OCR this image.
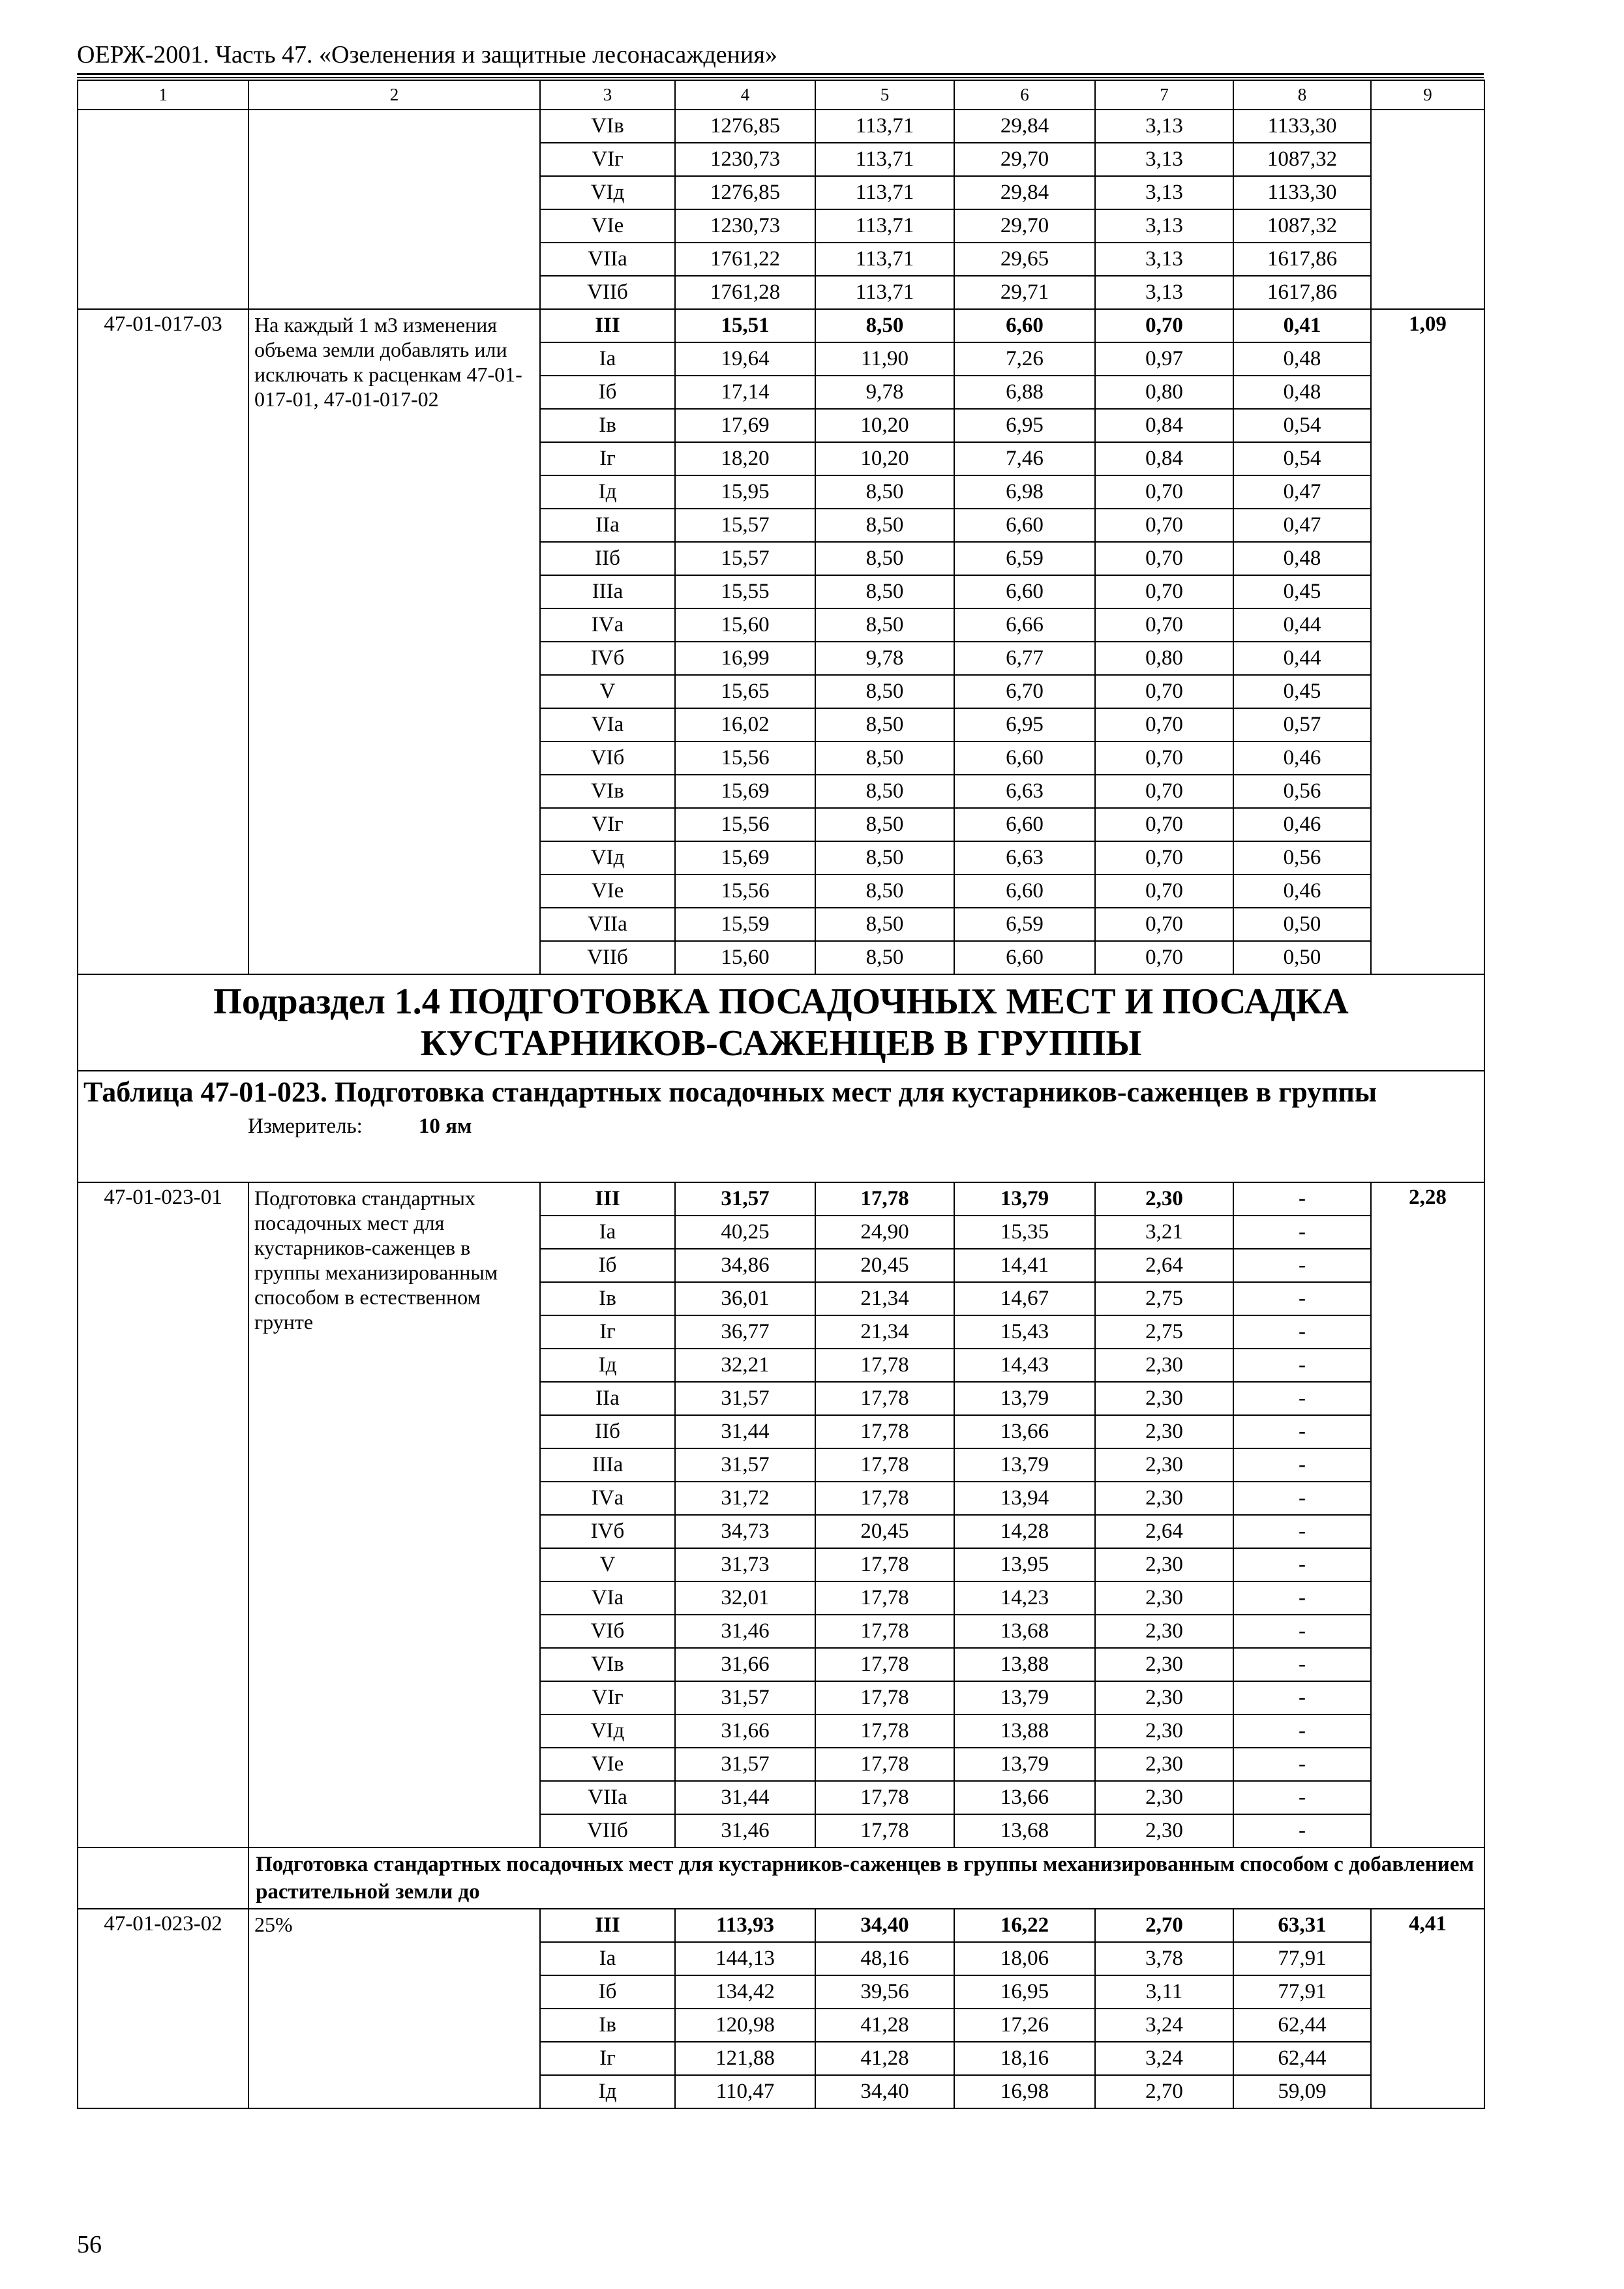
ОЕРЖ-2001. Часть 47. «Озеленения и защитные лесонасаждения»
1	2	3	4	5	6	7	8	9
		VIв	1276,85	113,71	29,84	3,13	1133,30	
		VIг	1230,73	113,71	29,70	3,13	1087,32	
		VIд	1276,85	113,71	29,84	3,13	1133,30	
		VIе	1230,73	113,71	29,70	3,13	1087,32	
		VIIа	1761,22	113,71	29,65	3,13	1617,86	
		VIIб	1761,28	113,71	29,71	3,13	1617,86	
47-01-017-03	На каждый 1 м3 изменения объема земли добавлять или исключать к расценкам 47-01-017-01, 47-01-017-02	III	15,51	8,50	6,60	0,70	0,41	1,09
		Iа	19,64	11,90	7,26	0,97	0,48	
		Iб	17,14	9,78	6,88	0,80	0,48	
		Iв	17,69	10,20	6,95	0,84	0,54	
		Iг	18,20	10,20	7,46	0,84	0,54	
		Iд	15,95	8,50	6,98	0,70	0,47	
		IIа	15,57	8,50	6,60	0,70	0,47	
		IIб	15,57	8,50	6,59	0,70	0,48	
		IIIа	15,55	8,50	6,60	0,70	0,45	
		IVа	15,60	8,50	6,66	0,70	0,44	
		IVб	16,99	9,78	6,77	0,80	0,44	
		V	15,65	8,50	6,70	0,70	0,45	
		VIа	16,02	8,50	6,95	0,70	0,57	
		VIб	15,56	8,50	6,60	0,70	0,46	
		VIв	15,69	8,50	6,63	0,70	0,56	
		VIг	15,56	8,50	6,60	0,70	0,46	
		VIд	15,69	8,50	6,63	0,70	0,56	
		VIе	15,56	8,50	6,60	0,70	0,46	
		VIIа	15,59	8,50	6,59	0,70	0,50	
		VIIб	15,60	8,50	6,60	0,70	0,50	
Подраздел 1.4 ПОДГОТОВКА ПОСАДОЧНЫХ МЕСТ И ПОСАДКА КУСТАРНИКОВ-САЖЕНЦЕВ В ГРУППЫ								

Таблица 47-01-023. Подготовка стандартных посадочных мест для кустарников-саженцев в группы
Измеритель: 10 ям								

47-01-023-01	Подготовка стандартных посадочных мест для кустарников-саженцев в группы механизированным способом в естественном грунте	III	31,57	17,78	13,79	2,30	-	2,28
		Iа	40,25	24,90	15,35	3,21	-	
		Iб	34,86	20,45	14,41	2,64	-	
		Iв	36,01	21,34	14,67	2,75	-	
		Iг	36,77	21,34	15,43	2,75	-	
		Iд	32,21	17,78	14,43	2,30	-	
		IIа	31,57	17,78	13,79	2,30	-	
		IIб	31,44	17,78	13,66	2,30	-	
		IIIа	31,57	17,78	13,79	2,30	-	
		IVа	31,72	17,78	13,94	2,30	-	
		IVб	34,73	20,45	14,28	2,64	-	
		V	31,73	17,78	13,95	2,30	-	
		VIа	32,01	17,78	14,23	2,30	-	
		VIб	31,46	17,78	13,68	2,30	-	
		VIв	31,66	17,78	13,88	2,30	-	
		VIг	31,57	17,78	13,79	2,30	-	
		VIд	31,66	17,78	13,88	2,30	-	
		VIе	31,57	17,78	13,79	2,30	-	
		VIIа	31,44	17,78	13,66	2,30	-	
		VIIб	31,46	17,78	13,68	2,30	-	
	Подготовка стандартных посадочных мест для кустарников-саженцев в группы механизированным способом с добавлением растительной земли до							
47-01-023-02	25%	III	113,93	34,40	16,22	2,70	63,31	4,41
		Iа	144,13	48,16	18,06	3,78	77,91	
		Iб	134,42	39,56	16,95	3,11	77,91	
		Iв	120,98	41,28	17,26	3,24	62,44	
		Iг	121,88	41,28	18,16	3,24	62,44	
		Iд	110,47	34,40	16,98	2,70	59,09	
56
